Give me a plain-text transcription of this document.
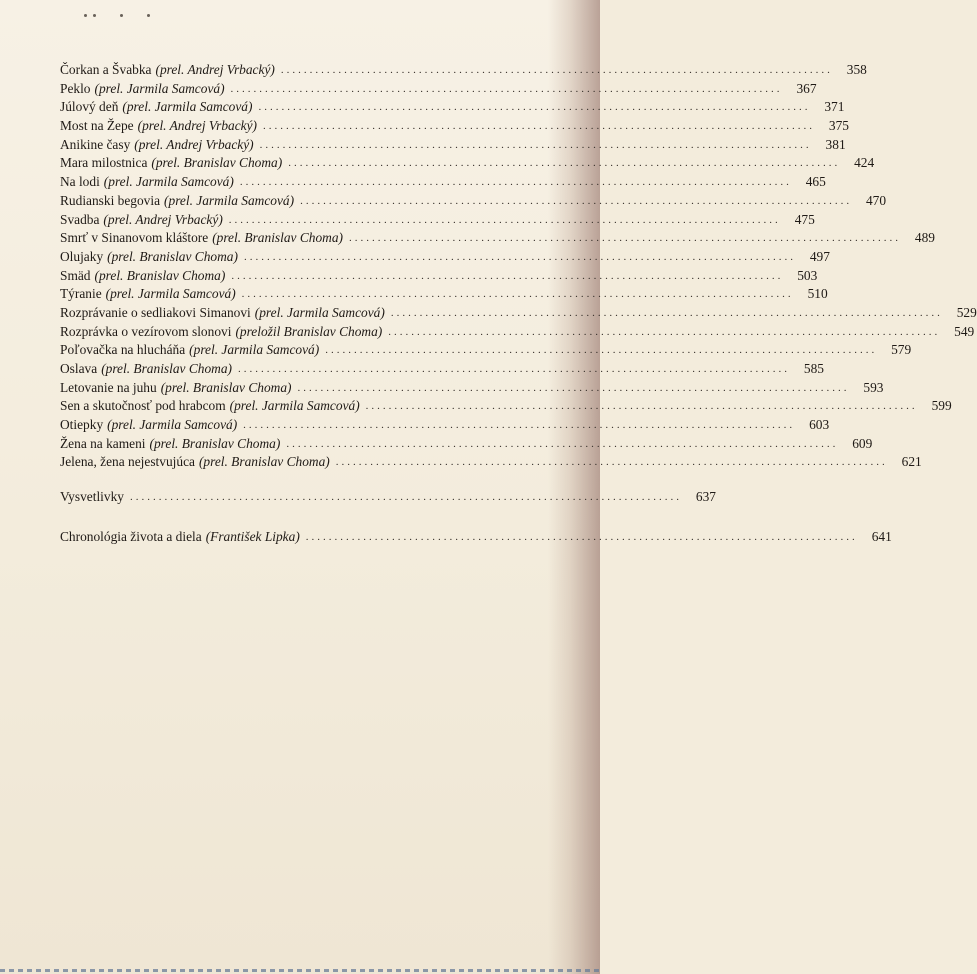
Čorkan a Švabka (prel. Andrej Vrbacký) ................................................................................................	358
Peklo (prel. Jarmila Samcová) ................................................................................................	367
Júlový deň (prel. Jarmila Samcová) ................................................................................................	371
Most na Žepe (prel. Andrej Vrbacký) ................................................................................................	375
Anikine časy (prel. Andrej Vrbacký) ................................................................................................	381
Mara milostnica (prel. Branislav Choma) ................................................................................................	424
Na lodi (prel. Jarmila Samcová) ................................................................................................	465
Rudianski begovia (prel. Jarmila Samcová) ................................................................................................	470
Svadba (prel. Andrej Vrbacký) ................................................................................................	475
Smrť v Sinanovom kláštore (prel. Branislav Choma) ................................................................................................	489
Olujaky (prel. Branislav Choma) ................................................................................................	497
Smäd (prel. Branislav Choma) ................................................................................................	503
Týranie (prel. Jarmila Samcová) ................................................................................................	510
Rozprávanie o sedliakovi Simanovi (prel. Jarmila Samcová) ................................................................................................	529
Rozprávka o vezírovom slonovi (preložil Branislav Choma) ................................................................................................	549
Poľovačka na hlucháňa (prel. Jarmila Samcová) ................................................................................................	579
Oslava (prel. Branislav Choma) ................................................................................................	585
Letovanie na juhu (prel. Branislav Choma) ................................................................................................	593
Sen a skutočnosť pod hrabcom (prel. Jarmila Samcová) ................................................................................................	599
Otiepky (prel. Jarmila Samcová) ................................................................................................	603
Žena na kameni (prel. Branislav Choma) ................................................................................................	609
Jelena, žena nejestvujúca (prel. Branislav Choma) ................................................................................................	621
Vysvetlivky ................................................................................................	637
Chronológia života a diela (František Lipka) ................................................................................................	641
